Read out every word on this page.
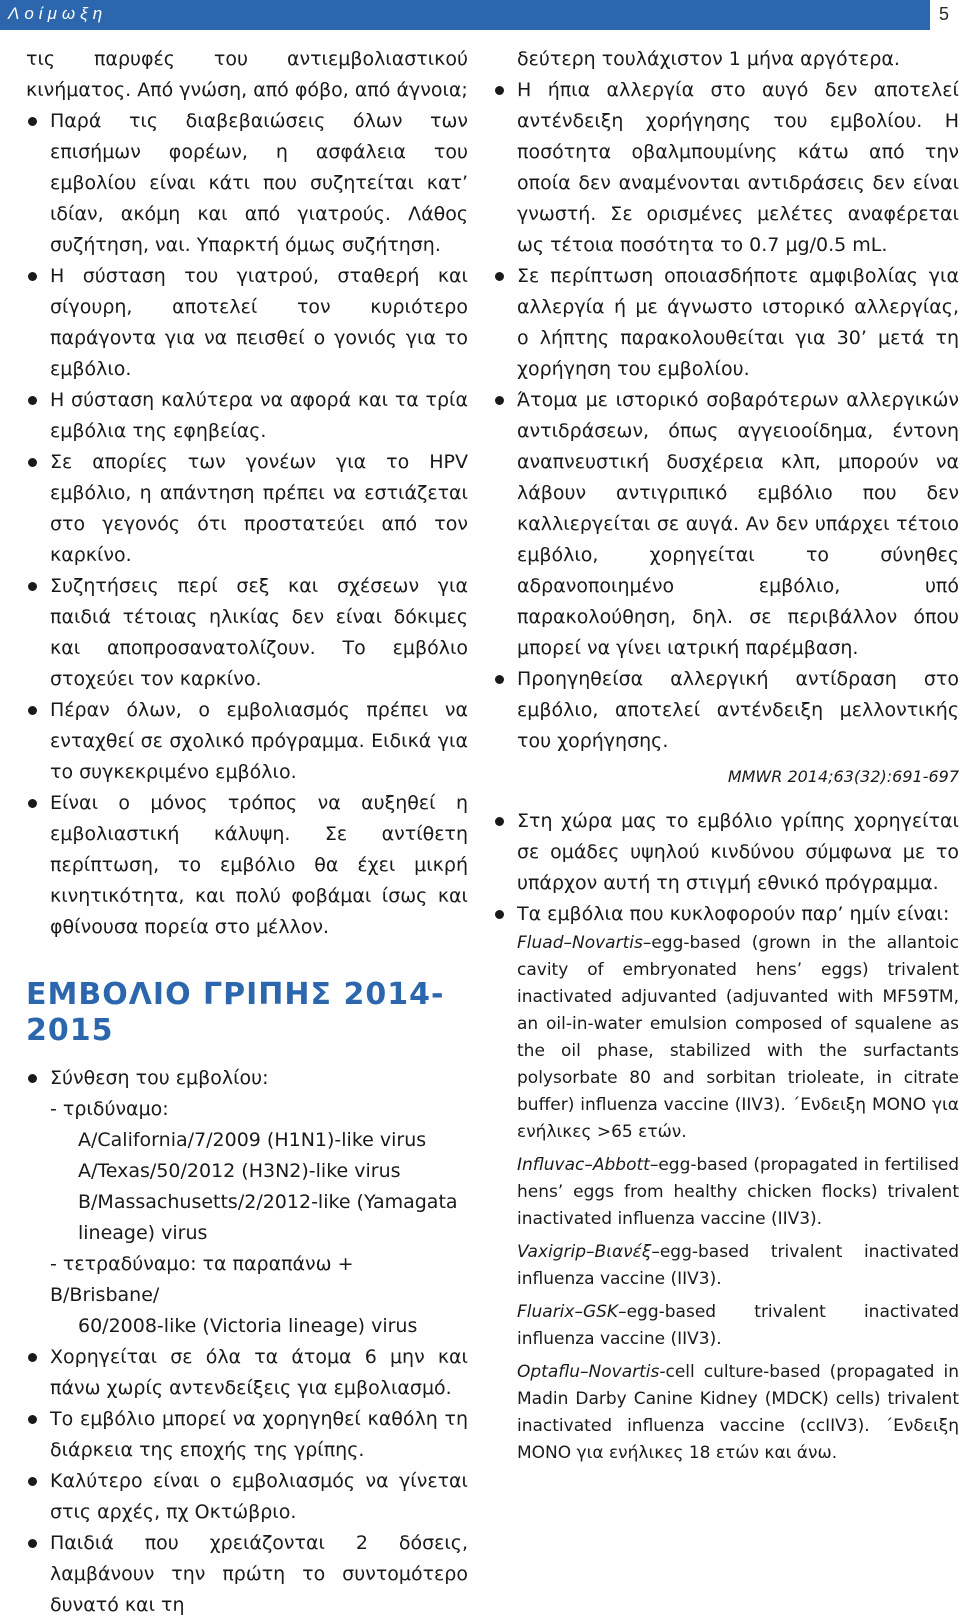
Λοίμωξη	5

τις παρυφές του αντιεμβολιαστικού κινήματος. Από γνώση, από φόβο, από άγνοια;

Παρά τις διαβεβαιώσεις όλων των επισήμων φορέων, η ασφάλεια του εμβολίου είναι κάτι που συζητείται κατ’ ιδίαν, ακόμη και από γιατρούς. Λάθος συζήτηση, ναι. Υπαρκτή όμως συζήτηση.

Η σύσταση του γιατρού, σταθερή και σίγουρη, αποτελεί τον κυριότερο παράγοντα για να πεισθεί ο γονιός για το εμβόλιο.

Η σύσταση καλύτερα να αφορά και τα τρία εμβόλια της εφηβείας.

Σε απορίες των γονέων για το HPV εμβόλιο, η απάντηση πρέπει να εστιάζεται στο γεγονός ότι προστατεύει από τον καρκίνο.

Συζητήσεις περί σεξ και σχέσεων για παιδιά τέτοιας ηλικίας δεν είναι δόκιμες και αποπροσανατολίζουν. Το εμβόλιο στοχεύει τον καρκίνο.

Πέραν όλων, ο εμβολιασμός πρέπει να ενταχθεί σε σχολικό πρόγραμμα. Ειδικά για το συγκεκριμένο εμβόλιο.

Είναι ο μόνος τρόπος να αυξηθεί η εμβολιαστική κάλυψη. Σε αντίθετη περίπτωση, το εμβόλιο θα έχει μικρή κινητικότητα, και πολύ φοβάμαι ίσως και φθίνουσα πορεία στο μέλλον.

ΕΜΒΟΛΙΟ ΓΡΙΠΗΣ 2014-2015

Σύνθεση του εμβολίου:

- τριδύναμο:

A/California/7/2009 (H1N1)-like virus

A/Texas/50/2012 (H3N2)-like virus

B/Massachusetts/2/2012-like (Yamagata lineage) virus

- τετραδύναμο: τα παραπάνω + B/Brisbane/

60/2008-like (Victoria lineage) virus

Χορηγείται σε όλα τα άτομα 6 μην και πάνω χωρίς αντενδείξεις για εμβολιασμό.

Το εμβόλιο μπορεί να χορηγηθεί καθόλη τη διάρκεια της εποχής της γρίπης.

Καλύτερο είναι ο εμβολιασμός να γίνεται στις αρχές, πχ Οκτώβριο.

Παιδιά που χρειάζονται 2 δόσεις, λαμβάνουν την πρώτη το συντομότερο δυνατό και τη

δεύτερη τουλάχιστον 1 μήνα αργότερα.

Η ήπια αλλεργία στο αυγό δεν αποτελεί αντένδειξη χορήγησης του εμβολίου. Η ποσότητα οβαλμπουμίνης κάτω από την οποία δεν αναμένονται αντιδράσεις δεν είναι γνωστή. Σε ορισμένες μελέτες αναφέρεται ως τέτοια ποσότητα το 0.7 μg/0.5 mL.

Σε περίπτωση οποιασδήποτε αμφιβολίας για αλλεργία ή με άγνωστο ιστορικό αλλεργίας, ο λήπτης παρακολουθείται για 30’ μετά τη χορήγηση του εμβολίου.

Άτομα με ιστορικό σοβαρότερων αλλεργικών αντιδράσεων, όπως αγγειοοίδημα, έντονη αναπνευστική δυσχέρεια κλπ, μπορούν να λάβουν αντιγριπικό εμβόλιο που δεν καλλιεργείται σε αυγά. Αν δεν υπάρχει τέτοιο εμβόλιο, χορηγείται το σύνηθες αδρανοποιημένο εμβόλιο, υπό παρακολούθηση, δηλ. σε περιβάλλον όπου μπορεί να γίνει ιατρική παρέμβαση.

Προηγηθείσα αλλεργική αντίδραση στο εμβόλιο, αποτελεί αντένδειξη μελλοντικής του χορήγησης.

MMWR 2014;63(32):691-697

Στη χώρα μας το εμβόλιο γρίπης χορηγείται σε ομάδες υψηλού κινδύνου σύμφωνα με το υπάρχον αυτή τη στιγμή εθνικό πρόγραμμα.

Τα εμβόλια που κυκλοφορούν παρ’ ημίν είναι:

Fluad–Novartis–egg-based (grown in the allantoic cavity of embryonated hens’ eggs) trivalent inactivated adjuvanted (adjuvanted with MF59TM, an oil-in-water emulsion composed of squalene as the oil phase, stabilized with the surfactants polysorbate 80 and sorbitan trioleate, in citrate buffer) influenza vaccine (IIV3). ΄Ενδειξη ΜΟΝΟ για ενήλικες >65 ετών.

Influvac–Abbott–egg-based (propagated in fertilised hens’ eggs from healthy chicken flocks) trivalent inactivated influenza vaccine (IIV3).

Vaxigrip–Βιανέξ–egg-based trivalent inactivated influenza vaccine (IIV3).

Fluarix–GSK–egg-based trivalent inactivated influenza vaccine (IIV3).

Optaflu–Novartis-cell culture-based (propagated in Madin Darby Canine Kidney (MDCK) cells) trivalent inactivated influenza vaccine (ccIIV3). ΄Ενδειξη ΜΟΝΟ για ενήλικες 18 ετών και άνω.
